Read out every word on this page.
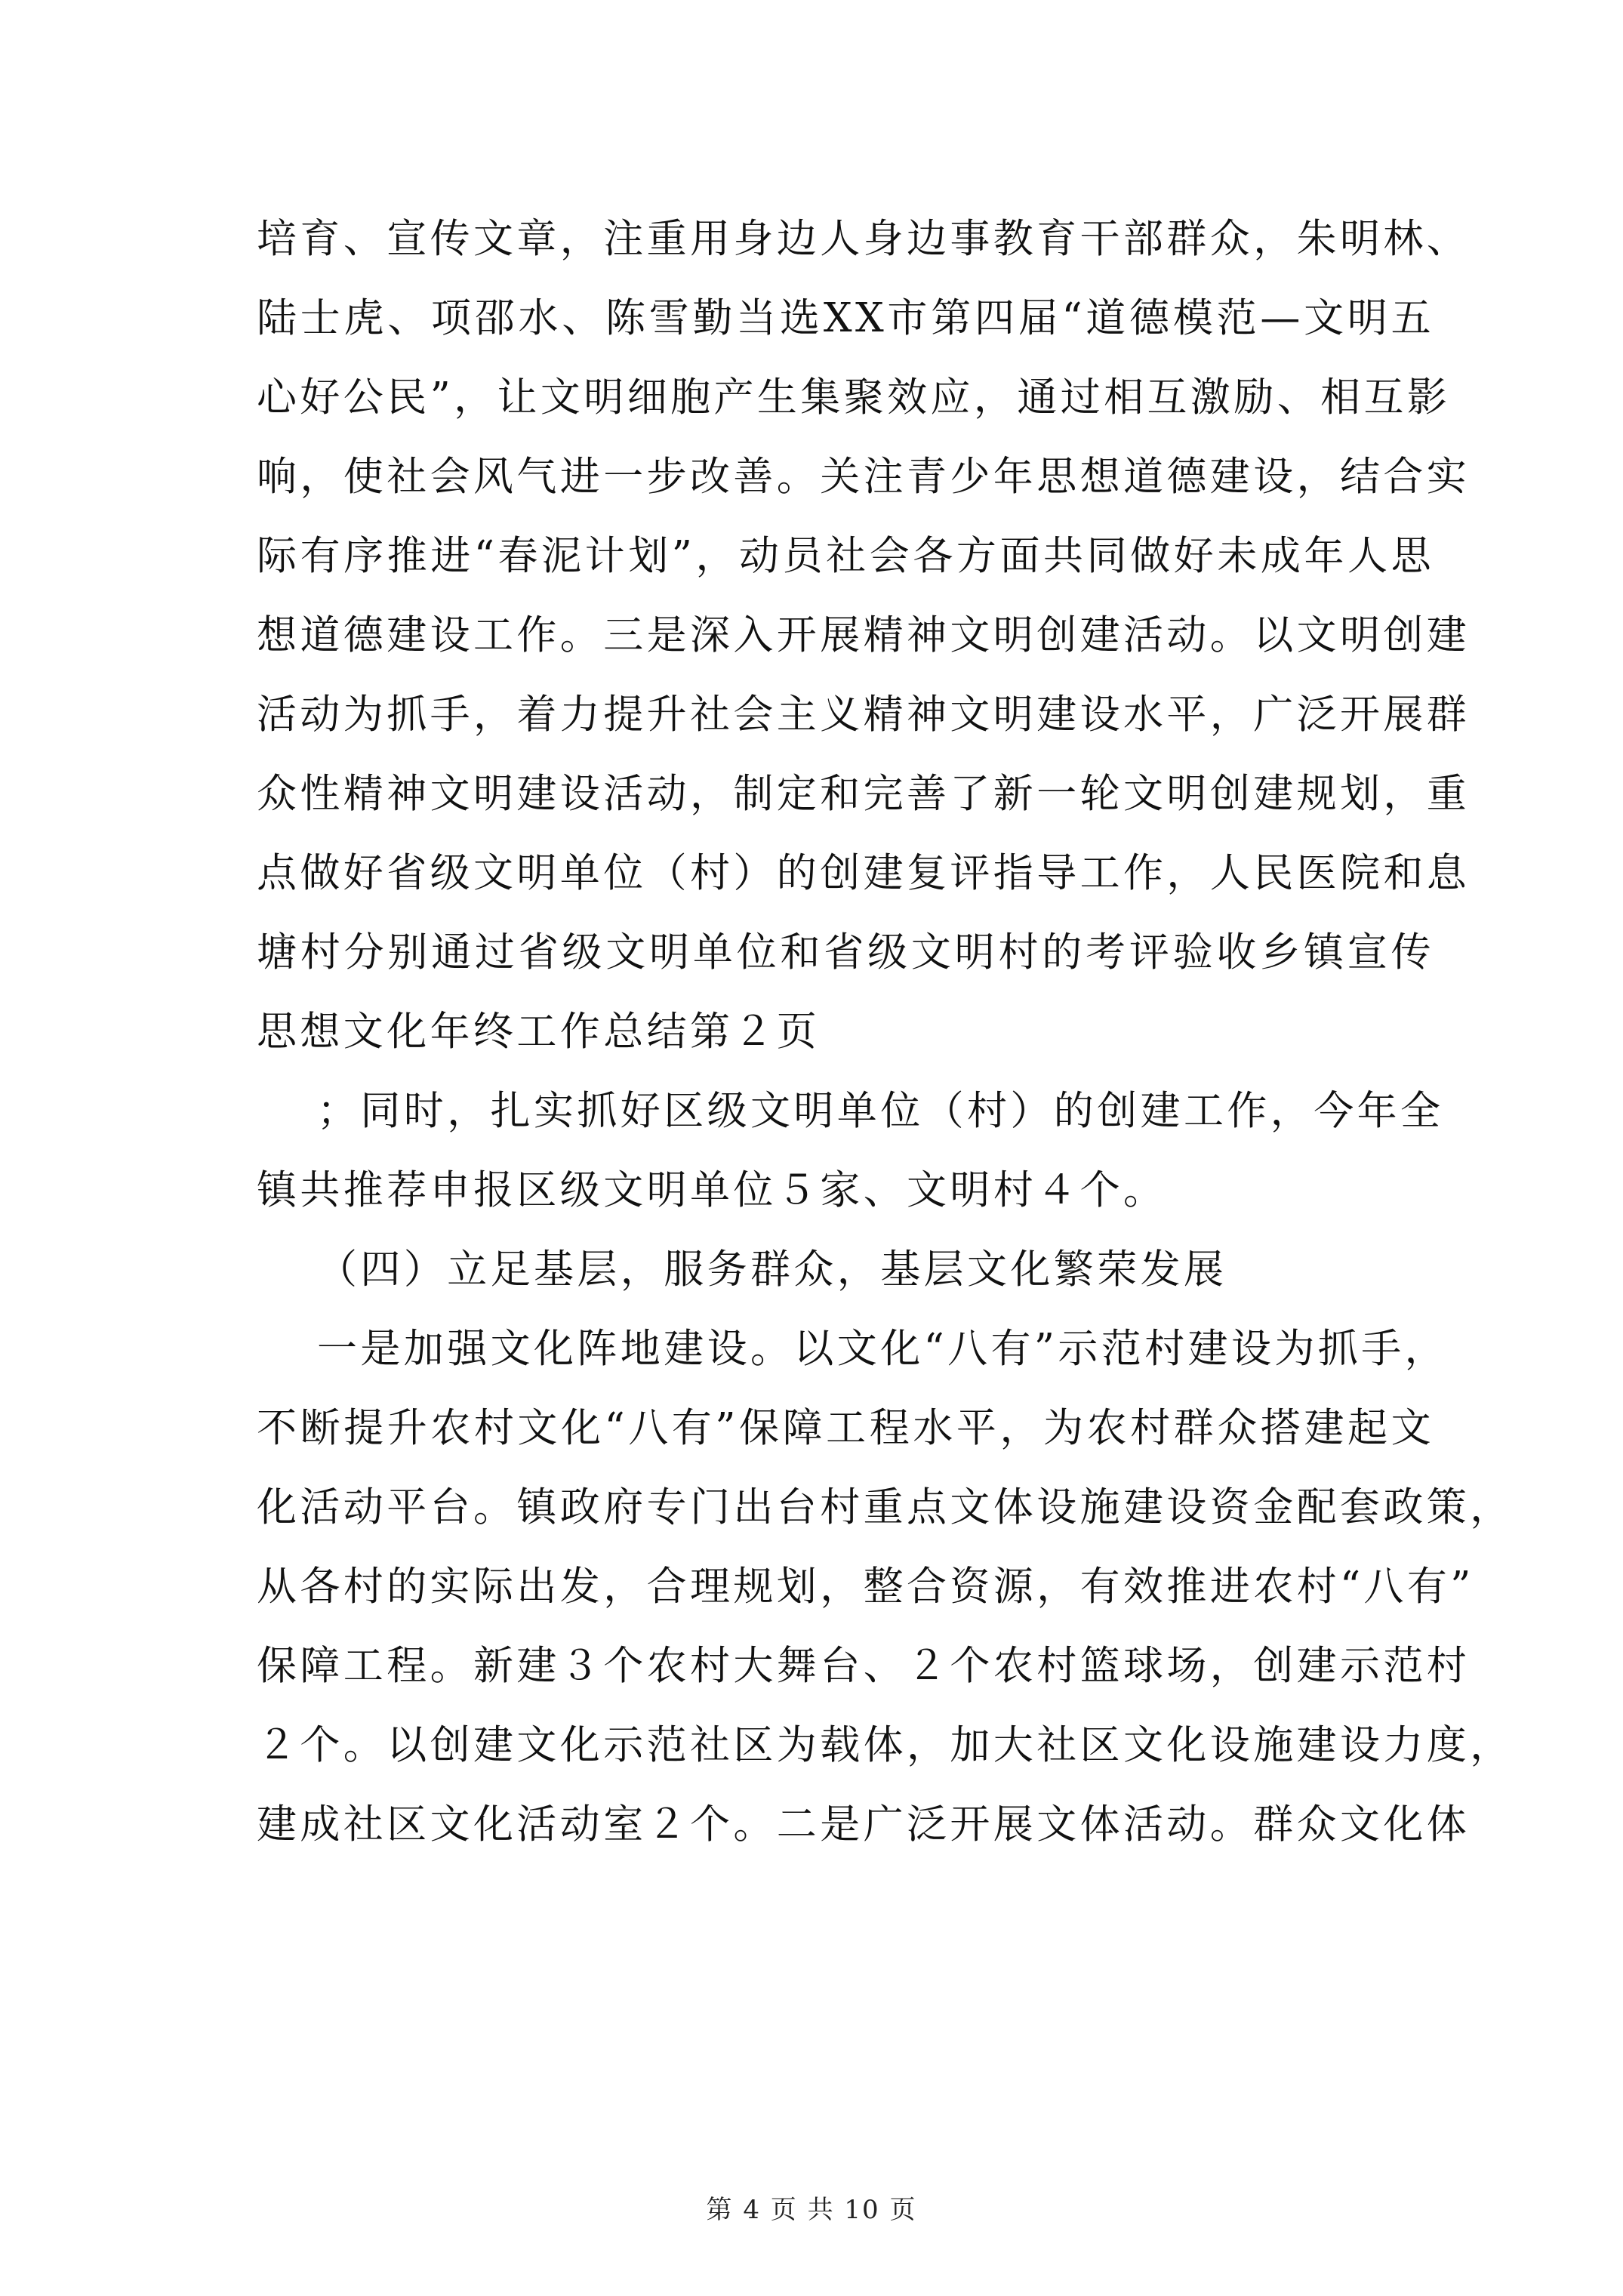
培育、宣传文章，注重用身边人身边事教育干部群众，朱明林、
陆士虎、项邵水、陈雪勤当选XX市第四届“道德模范—文明五
心好公民”，让文明细胞产生集聚效应，通过相互激励、相互影
响，使社会风气进一步改善。关注青少年思想道德建设，结合实
际有序推进“春泥计划”，动员社会各方面共同做好未成年人思
想道德建设工作。三是深入开展精神文明创建活动。以文明创建
活动为抓手，着力提升社会主义精神文明建设水平，广泛开展群
众性精神文明建设活动，制定和完善了新一轮文明创建规划，重
点做好省级文明单位（村）的创建复评指导工作，人民医院和息
塘村分别通过省级文明单位和省级文明村的考评验收乡镇宣传
思想文化年终工作总结第２页
；同时，扎实抓好区级文明单位（村）的创建工作，今年全
镇共推荐申报区级文明单位５家、文明村４个。
（四）立足基层，服务群众，基层文化繁荣发展
一是加强文化阵地建设。以文化“八有”示范村建设为抓手，
不断提升农村文化“八有”保障工程水平，为农村群众搭建起文
化活动平台。镇政府专门出台村重点文体设施建设资金配套政策，
从各村的实际出发，合理规划，整合资源，有效推进农村“八有”
保障工程。新建３个农村大舞台、２个农村篮球场，创建示范村
２个。以创建文化示范社区为载体，加大社区文化设施建设力度，
建成社区文化活动室２个。二是广泛开展文体活动。群众文化体
第 4 页 共 10 页
